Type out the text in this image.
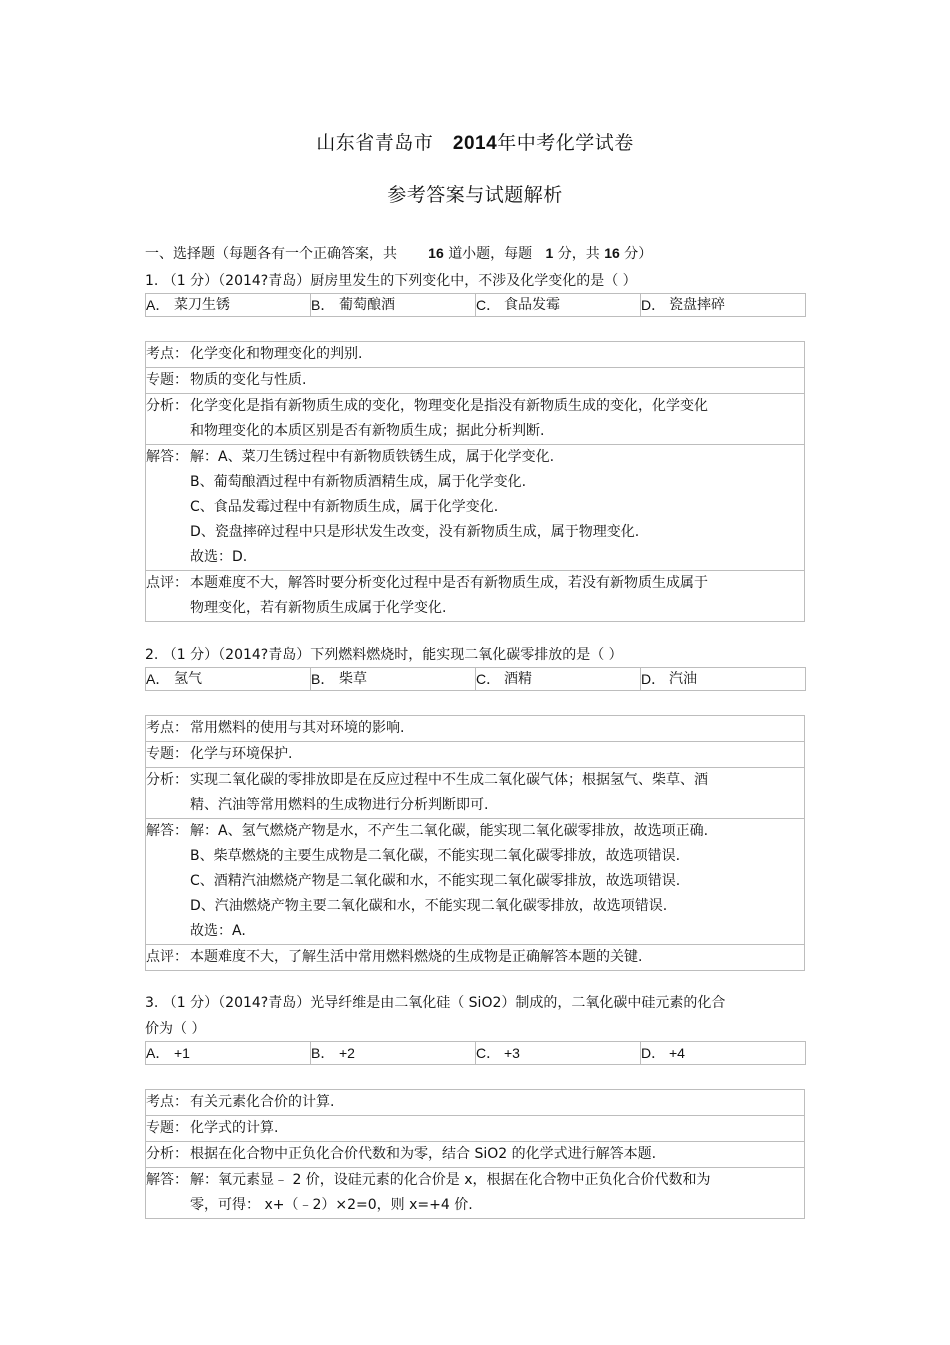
山东省青岛市 2014年中考化学试卷
参考答案与试题解析
一、选择题（每题各有一个正确答案，共 16 道小题，每题 1 分，共 16 分）
1. （1 分）（2014?青岛）厨房里发生的下列变化中，不涉及化学变化的是（ ）
A． 菜刀生锈	B． 葡萄酿酒	C． 食品发霉	D． 瓷盘摔碎
考点： 化学变化和物理变化的判别.
专题： 物质的变化与性质.
分析： 化学变化是指有新物质生成的变化，物理变化是指没有新物质生成的变化，化学变化
和物理变化的本质区别是否有新物质生成；据此分析判断.
解答： 解：A、菜刀生锈过程中有新物质铁锈生成，属于化学变化.
B、葡萄酿酒过程中有新物质酒精生成，属于化学变化.
C、食品发霉过程中有新物质生成，属于化学变化.
D、瓷盘摔碎过程中只是形状发生改变，没有新物质生成，属于物理变化.
故选：D.
点评： 本题难度不大，解答时要分析变化过程中是否有新物质生成，若没有新物质生成属于
物理变化，若有新物质生成属于化学变化.
2. （1 分）（2014?青岛）下列燃料燃烧时，能实现二氧化碳零排放的是（ ）
A． 氢气	B． 柴草	C． 酒精	D． 汽油
考点： 常用燃料的使用与其对环境的影响.
专题： 化学与环境保护.
分析： 实现二氧化碳的零排放即是在反应过程中不生成二氧化碳气体；根据氢气、柴草、酒
精、汽油等常用燃料的生成物进行分析判断即可.
解答： 解：A、氢气燃烧产物是水，不产生二氧化碳，能实现二氧化碳零排放，故选项正确.
B、柴草燃烧的主要生成物是二氧化碳，不能实现二氧化碳零排放，故选项错误.
C、酒精汽油燃烧产物是二氧化碳和水，不能实现二氧化碳零排放，故选项错误.
D、汽油燃烧产物主要二氧化碳和水，不能实现二氧化碳零排放，故选项错误.
故选：A.
点评： 本题难度不大，了解生活中常用燃料燃烧的生成物是正确解答本题的关键.
3. （1 分）（2014?青岛）光导纤维是由二氧化硅（ SiO2）制成的，二氧化碳中硅元素的化合
价为（ ）
A． +1	B． +2	C． +3	D． +4
考点： 有关元素化合价的计算.
专题： 化学式的计算.
分析： 根据在化合物中正负化合价代数和为零，结合 SiO2 的化学式进行解答本题.
解答： 解：氧元素显﹣ 2 价，设硅元素的化合价是 x，根据在化合物中正负化合价代数和为
零，可得： x+（﹣2）×2=0，则 x=+4 价.
